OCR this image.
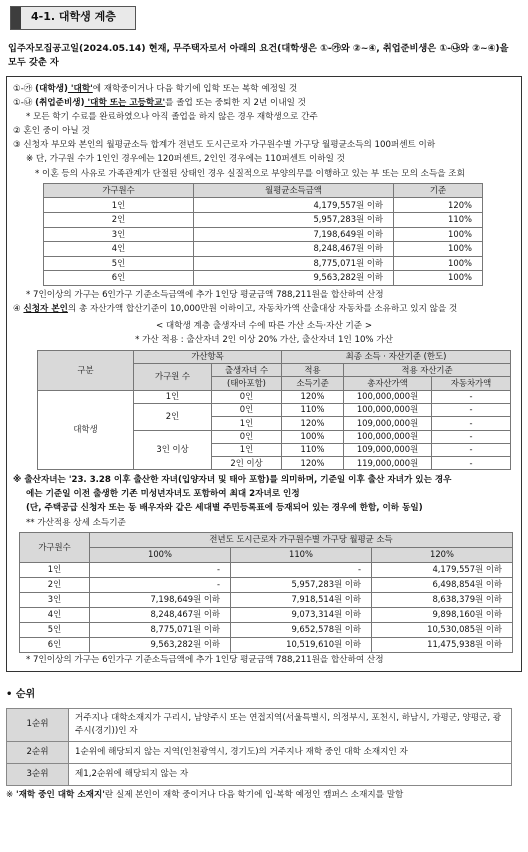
4-1. 대학생 계층
입주자모집공고일(2024.05.14) 현재, 무주택자로서 아래의 요건(대학생은 ①-㉮와 ②~④, 취업준비생은 ①-㉯와 ②~④)을 모두 갖춘 자
①-㉮ (대학생) '대학'에 재학중이거나 다음 학기에 입학 또는 복학 예정일 것
①-㉯ (취업준비생) '대학 또는 고등학교'를 졸업 또는 중퇴한 지 2년 이내일 것
* 모든 학기 수료를 완료하였으나 아직 졸업을 하지 않은 경우 재학생으로 간주
② 혼인 중이 아닐 것
③ 신청자 부모와 본인의 월평균소득 합계가 전년도 도시근로자 가구원수별 가구당 월평균소득의 100퍼센트 이하
※ 단, 가구원 수가 1인인 경우에는 120퍼센트, 2인인 경우에는 110퍼센트 이하일 것
* 이혼 등의 사유로 가족관계가 단절된 상태인 경우 실질적으로 부양의무를 이행하고 있는 부 또는 모의 소득을 조회
가구원수	월평균소득금액	기준
1인	4,179,557원 이하	120%
2인	5,957,283원 이하	110%
3인	7,198,649원 이하	100%
4인	8,248,467원 이하	100%
5인	8,775,071원 이하	100%
6인	9,563,282원 이하	100%
* 7인이상의 가구는 6인가구 기준소득금액에 추가 1인당 평균금액 788,211원을 합산하여 산정
④ 신청자 본인의 총 자산가액 합산기준이 10,000만원 이하이고, 자동차가액 산출대상 자동차를 소유하고 있지 않을 것
< 대학생 계층 출생자녀 수에 따른 가산 소득·자산 기준 >
* 가산 적용 : 출산자녀 2인 이상 20% 가산, 출산자녀 1인 10% 가산
구분	가산항목		최종 소득 · 자산기준 (한도)		
	가구원 수	출생자녀 수	적용	적용 자산기준	
		(태아포함)	소득기준	총자산가액	자동차가액
대학생	1인	0인	120%	100,000,000원	-
	2인	0인	110%	100,000,000원	-
		1인	120%	109,000,000원	-
	3인 이상	0인	100%	100,000,000원	-
		1인	110%	109,000,000원	-
		2인 이상	120%	119,000,000원	-
※ 출산자녀는 '23. 3.28 이후 출산한 자녀(입양자녀 및 태아 포함)를 의미하며, 기준일 이후 출산 자녀가 있는 경우
에는 기준일 이전 출생한 기존 미성년자녀도 포함하여 최대 2자녀로 인정
(단, 주택공급 신청자 또는 동 배우자와 같은 세대별 주민등록표에 등재되어 있는 경우에 한함, 이하 동일)
** 가산적용 상세 소득기준
가구원수	전년도 도시근로자 가구원수별 가구당 월평균 소득		
	100%	110%	120%
1인	-	-	4,179,557원 이하
2인	-	5,957,283원 이하	6,498,854원 이하
3인	7,198,649원 이하	7,918,514원 이하	8,638,379원 이하
4인	8,248,467원 이하	9,073,314원 이하	9,898,160원 이하
5인	8,775,071원 이하	9,652,578원 이하	10,530,085원 이하
6인	9,563,282원 이하	10,519,610원 이하	11,475,938원 이하
* 7인이상의 가구는 6인가구 기준소득금액에 추가 1인당 평균금액 788,211원을 합산하여 산정
• 순위
1순위	거주지나 대학소재지가 구리시, 남양주시 또는 연접지역(서울특별시, 의정부시, 포천시, 하남시, 가평군, 양평군, 광주시(경기))인 자
2순위	1순위에 해당되지 않는 지역(인천광역시, 경기도)의 거주지나 재학 중인 대학 소재지인 자
3순위	제1,2순위에 해당되지 않는 자
※ '재학 중인 대학 소재지'란 실제 본인이 재학 중이거나 다음 학기에 입·복학 예정인 캠퍼스 소재지를 말함
